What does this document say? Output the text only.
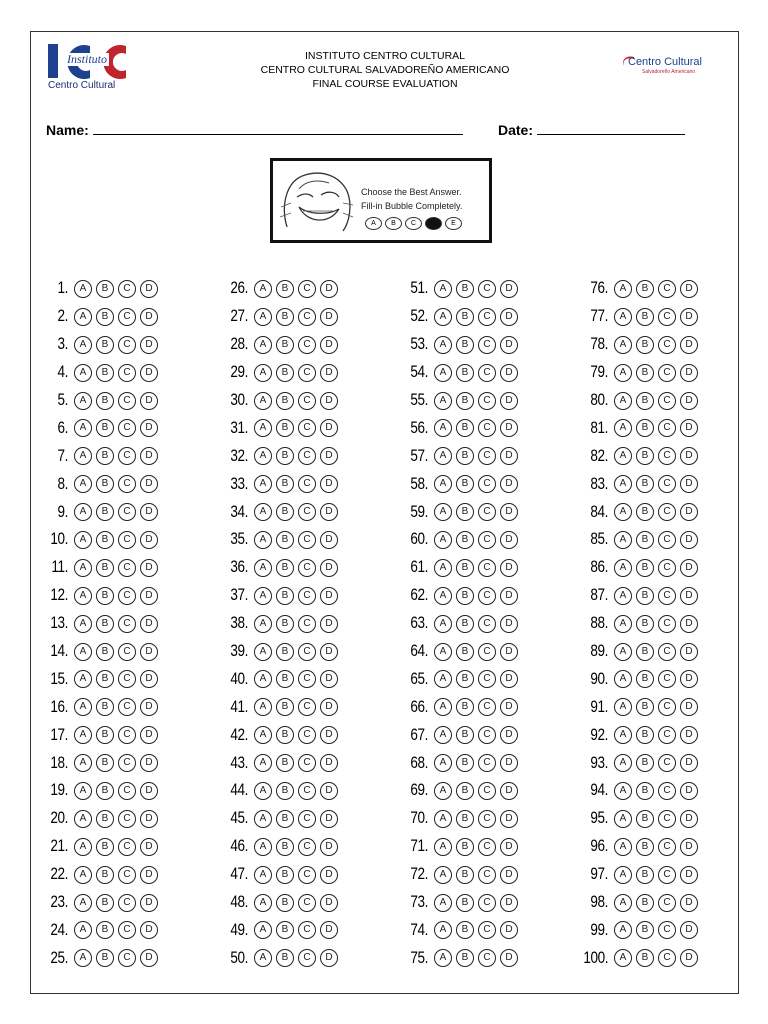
Instituto
Centro Cultural
INSTITUTO CENTRO CULTURAL
CENTRO CULTURAL SALVADOREÑO AMERICANO
FINAL COURSE EVALUATION
Centro Cultural
Salvadoreño Americano
Name:	Date:
Choose the Best Answer.
Fill-in Bubble Completely.
A	B	C	D	E
1.	A	B	C	D
2.	A	B	C	D
3.	A	B	C	D
4.	A	B	C	D
5.	A	B	C	D
6.	A	B	C	D
7.	A	B	C	D
8.	A	B	C	D
9.	A	B	C	D
10.	A	B	C	D
11.	A	B	C	D
12.	A	B	C	D
13.	A	B	C	D
14.	A	B	C	D
15.	A	B	C	D
16.	A	B	C	D
17.	A	B	C	D
18.	A	B	C	D
19.	A	B	C	D
20.	A	B	C	D
21.	A	B	C	D
22.	A	B	C	D
23.	A	B	C	D
24.	A	B	C	D
25.	A	B	C	D
26.	A	B	C	D
27.	A	B	C	D
28.	A	B	C	D
29.	A	B	C	D
30.	A	B	C	D
31.	A	B	C	D
32.	A	B	C	D
33.	A	B	C	D
34.	A	B	C	D
35.	A	B	C	D
36.	A	B	C	D
37.	A	B	C	D
38.	A	B	C	D
39.	A	B	C	D
40.	A	B	C	D
41.	A	B	C	D
42.	A	B	C	D
43.	A	B	C	D
44.	A	B	C	D
45.	A	B	C	D
46.	A	B	C	D
47.	A	B	C	D
48.	A	B	C	D
49.	A	B	C	D
50.	A	B	C	D
51.	A	B	C	D
52.	A	B	C	D
53.	A	B	C	D
54.	A	B	C	D
55.	A	B	C	D
56.	A	B	C	D
57.	A	B	C	D
58.	A	B	C	D
59.	A	B	C	D
60.	A	B	C	D
61.	A	B	C	D
62.	A	B	C	D
63.	A	B	C	D
64.	A	B	C	D
65.	A	B	C	D
66.	A	B	C	D
67.	A	B	C	D
68.	A	B	C	D
69.	A	B	C	D
70.	A	B	C	D
71.	A	B	C	D
72.	A	B	C	D
73.	A	B	C	D
74.	A	B	C	D
75.	A	B	C	D
76.	A	B	C	D
77.	A	B	C	D
78.	A	B	C	D
79.	A	B	C	D
80.	A	B	C	D
81.	A	B	C	D
82.	A	B	C	D
83.	A	B	C	D
84.	A	B	C	D
85.	A	B	C	D
86.	A	B	C	D
87.	A	B	C	D
88.	A	B	C	D
89.	A	B	C	D
90.	A	B	C	D
91.	A	B	C	D
92.	A	B	C	D
93.	A	B	C	D
94.	A	B	C	D
95.	A	B	C	D
96.	A	B	C	D
97.	A	B	C	D
98.	A	B	C	D
99.	A	B	C	D
100.	A	B	C	D
